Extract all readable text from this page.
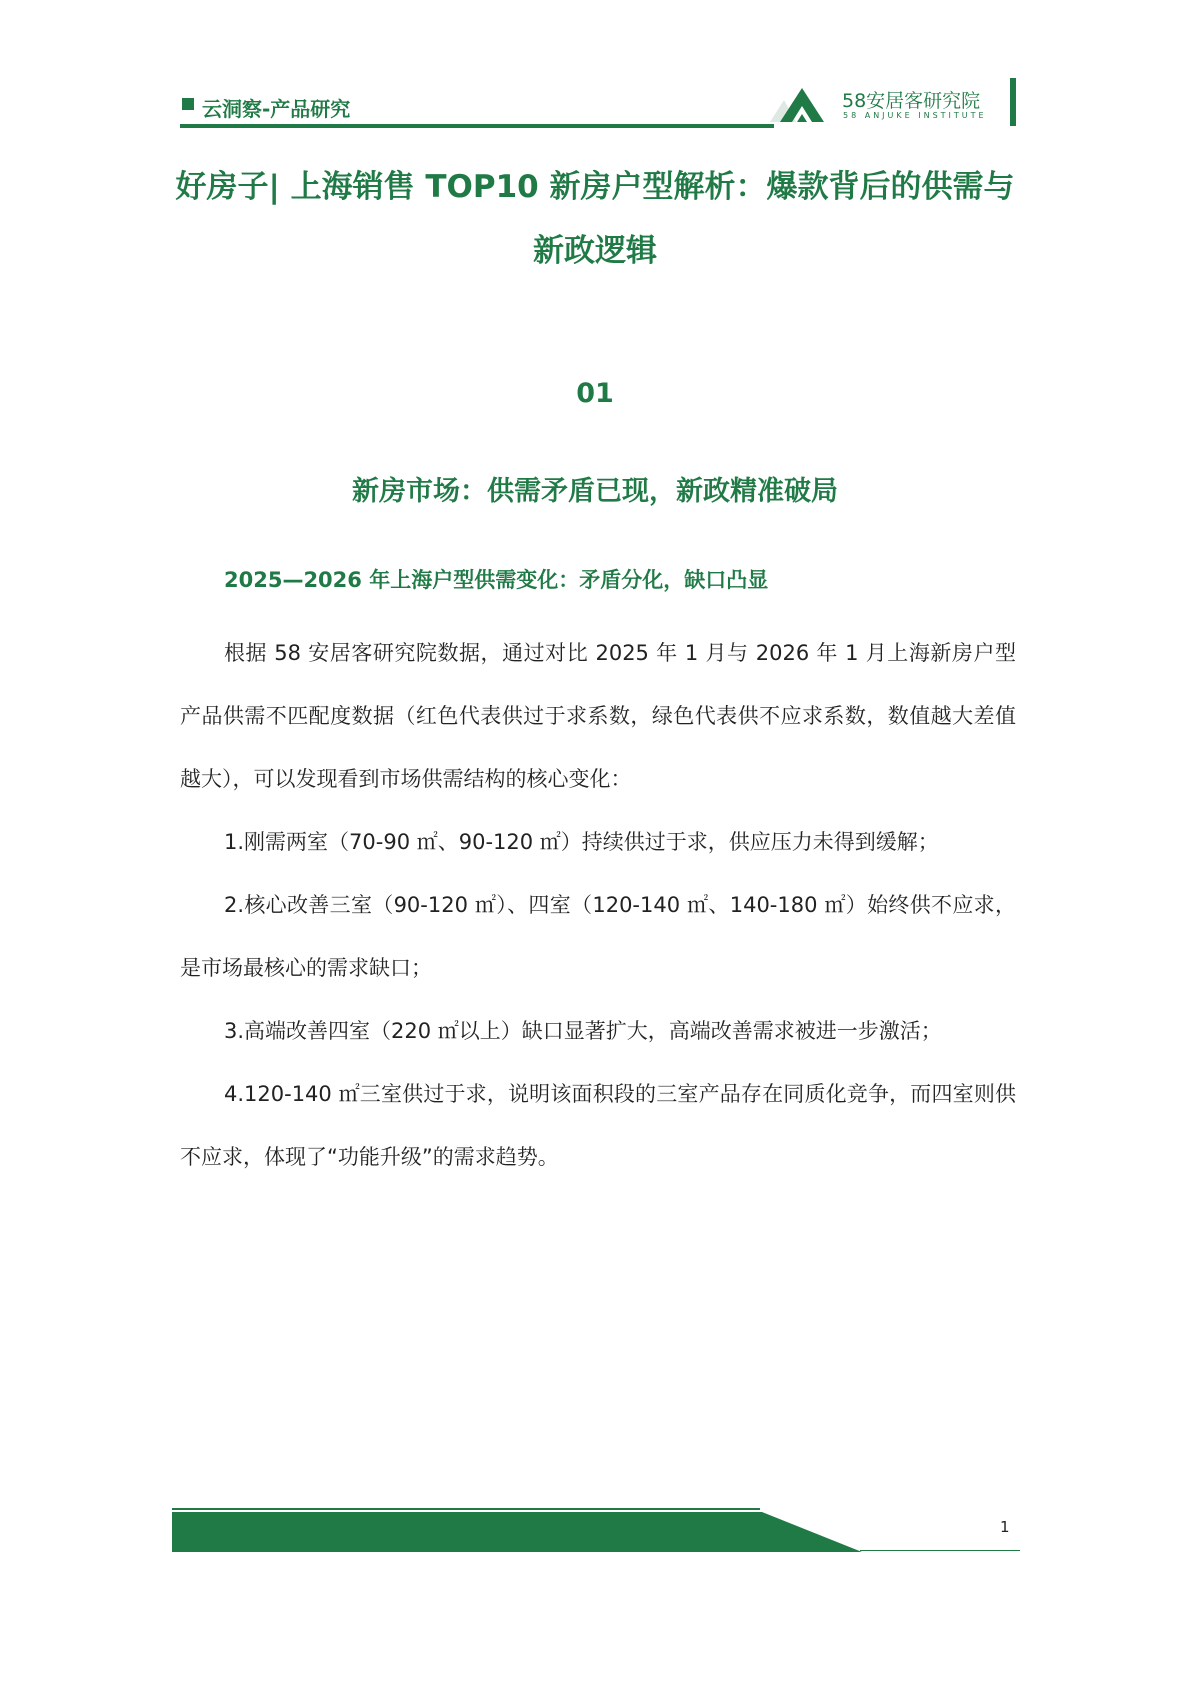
云洞察-产品研究	58安居客研究院
58 ANJUKE INSTITUTE
好房子| 上海销售 TOP10 新房户型解析：爆款背后的供需与新政逻辑
01
新房市场：供需矛盾已现，新政精准破局
2025—2026 年上海户型供需变化：矛盾分化，缺口凸显

根据 58 安居客研究院数据，通过对比 2025 年 1 月与 2026 年 1 月上海新房户型产品供需不匹配度数据（红色代表供过于求系数，绿色代表供不应求系数，数值越大差值越大），可以发现看到市场供需结构的核心变化：

1.刚需两室（70-90 ㎡、90-120 ㎡）持续供过于求，供应压力未得到缓解；

2.核心改善三室（90-120 ㎡）、四室（120-140 ㎡、140-180 ㎡）始终供不应求，是市场最核心的需求缺口；

3.高端改善四室（220 ㎡以上）缺口显著扩大，高端改善需求被进一步激活；

4.120-140 ㎡三室供过于求，说明该面积段的三室产品存在同质化竞争，而四室则供不应求，体现了“功能升级”的需求趋势。

1
